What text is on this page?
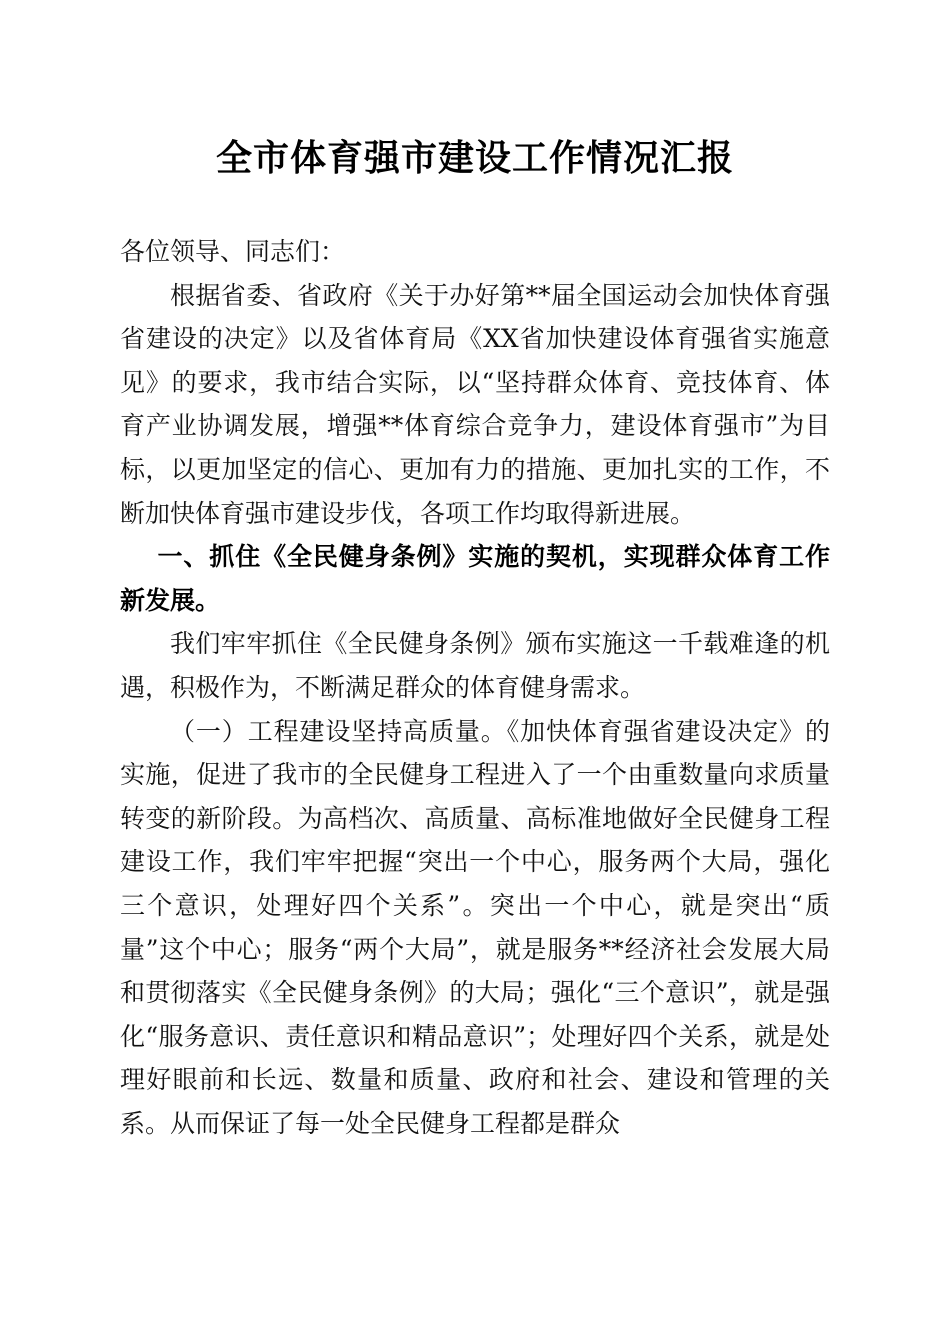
全市体育强市建设工作情况汇报

各位领导、同志们：

根据省委、省政府《关于办好第**届全国运动会加快体育强省建设的决定》以及省体育局《XX省加快建设体育强省实施意见》的要求，我市结合实际，以“坚持群众体育、竞技体育、体育产业协调发展，增强**体育综合竞争力，建设体育强市”为目标，以更加坚定的信心、更加有力的措施、更加扎实的工作，不断加快体育强市建设步伐，各项工作均取得新进展。

一、抓住《全民健身条例》实施的契机，实现群众体育工作新发展。

我们牢牢抓住《全民健身条例》颁布实施这一千载难逢的机遇，积极作为，不断满足群众的体育健身需求。

（一）工程建设坚持高质量。《加快体育强省建设决定》的实施，促进了我市的全民健身工程进入了一个由重数量向求质量转变的新阶段。为高档次、高质量、高标准地做好全民健身工程建设工作，我们牢牢把握“突出一个中心，服务两个大局，强化三个意识，处理好四个关系”。突出一个中心，就是突出“质量”这个中心；服务“两个大局”，就是服务**经济社会发展大局和贯彻落实《全民健身条例》的大局；强化“三个意识”，就是强化“服务意识、责任意识和精品意识”；处理好四个关系，就是处理好眼前和长远、数量和质量、政府和社会、建设和管理的关系。从而保证了每一处全民健身工程都是群众
